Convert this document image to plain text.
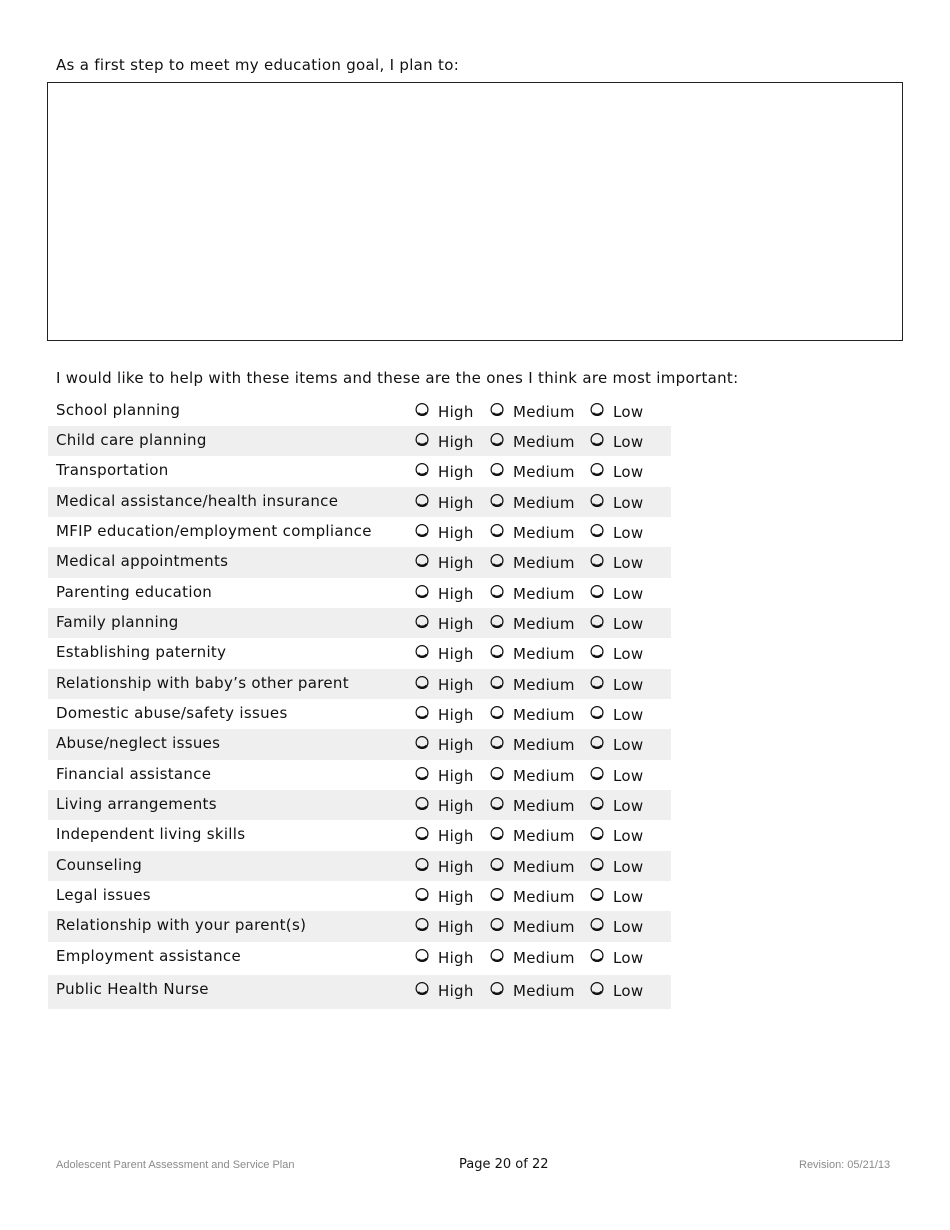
As a first step to meet my education goal, I plan to:

I would like to help with these items and these are the ones I think are most important:

School planning	High	Medium	Low
Child care planning	High	Medium	Low
Transportation	High	Medium	Low
Medical assistance/health insurance	High	Medium	Low
MFIP education/employment compliance	High	Medium	Low
Medical appointments	High	Medium	Low
Parenting education	High	Medium	Low
Family planning	High	Medium	Low
Establishing paternity	High	Medium	Low
Relationship with baby’s other parent	High	Medium	Low
Domestic abuse/safety issues	High	Medium	Low
Abuse/neglect issues	High	Medium	Low
Financial assistance	High	Medium	Low
Living arrangements	High	Medium	Low
Independent living skills	High	Medium	Low
Counseling	High	Medium	Low
Legal issues	High	Medium	Low
Relationship with your parent(s)	High	Medium	Low
Employment assistance	High	Medium	Low
Public Health Nurse	High	Medium	Low
Adolescent Parent Assessment and Service Plan	Page 20 of 22	Revision: 05/21/13
